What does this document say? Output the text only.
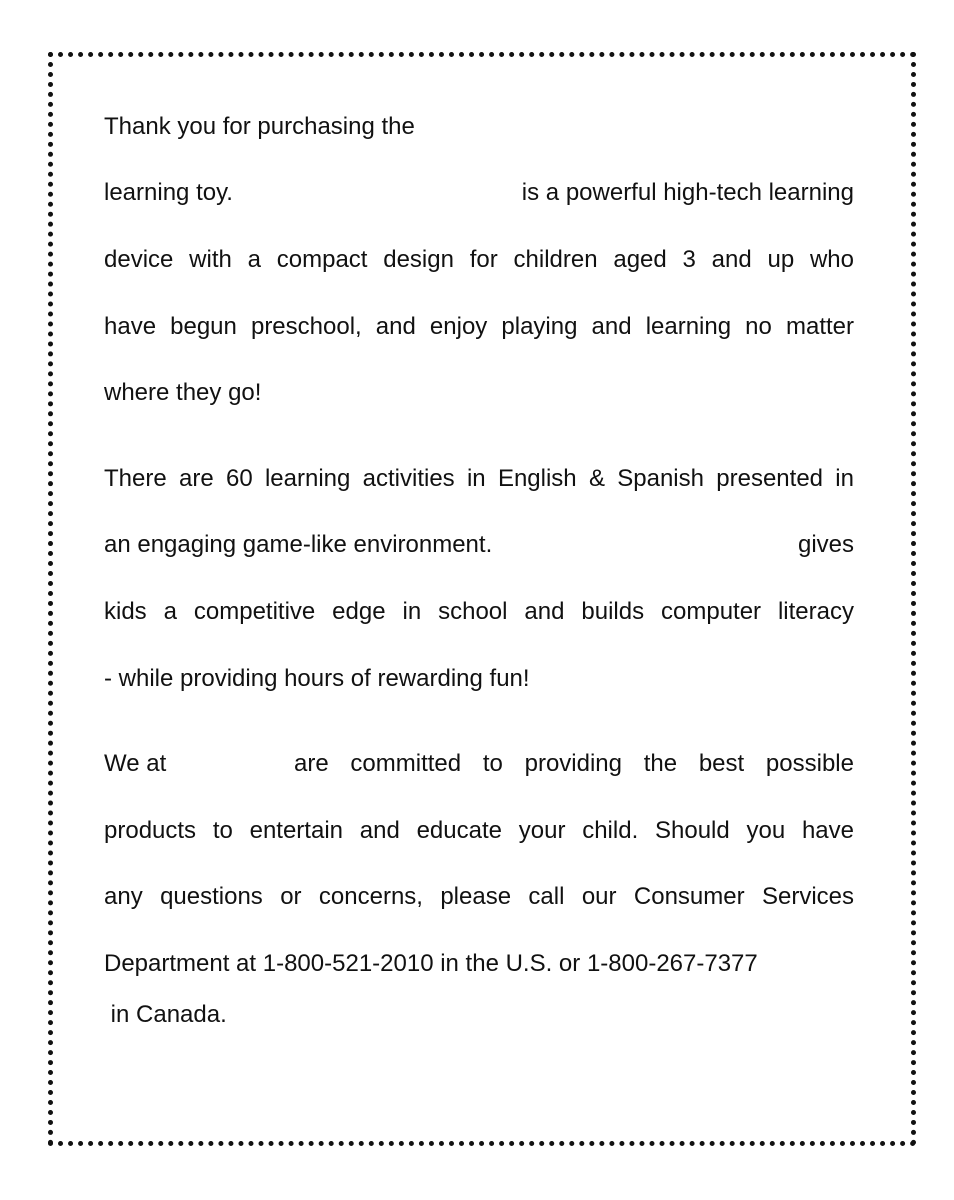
Thank you for purchasing the
learning toy.	is a powerful high-tech learning
device with a compact design for children aged 3 and up who
have begun preschool, and enjoy playing and learning no matter
where they go!
There are 60 learning activities in English & Spanish presented in
an engaging game-like environment.	gives
kids a competitive edge in school and builds computer literacy
- while providing hours of rewarding fun!
We at	are committed to providing the best possible
products to entertain and educate your child. Should you have
any questions or concerns, please call our Consumer Services
Department at 1-800-521-2010 in the U.S. or 1-800-267-7377
in Canada.
